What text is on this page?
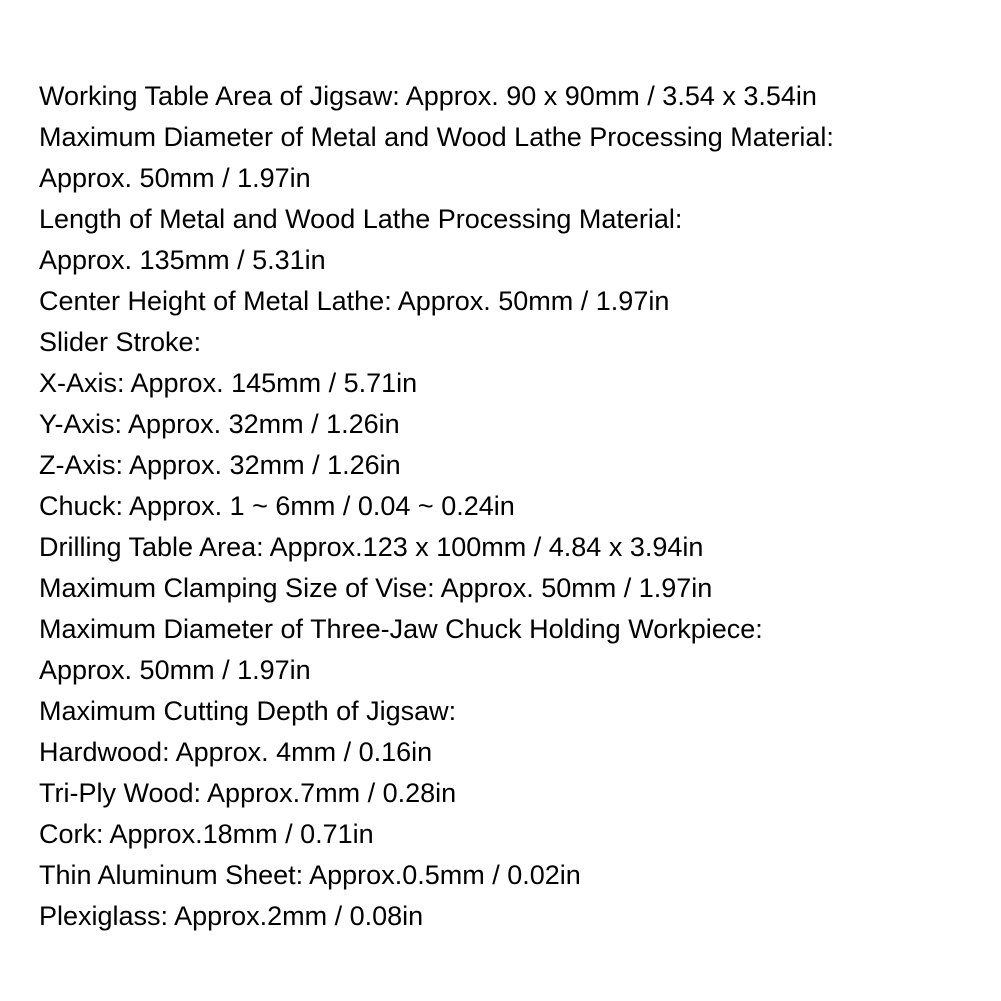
Working Table Area of Jigsaw: Approx. 90 x 90mm / 3.54 x 3.54in
Maximum Diameter of Metal and Wood Lathe Processing Material:
Approx. 50mm / 1.97in
Length of Metal and Wood Lathe Processing Material:
Approx. 135mm / 5.31in
Center Height of Metal Lathe: Approx. 50mm / 1.97in
Slider Stroke:
X-Axis: Approx. 145mm / 5.71in
Y-Axis: Approx. 32mm / 1.26in
Z-Axis: Approx. 32mm / 1.26in
Chuck: Approx. 1 ~ 6mm / 0.04 ~ 0.24in
Drilling Table Area: Approx.123 x 100mm / 4.84 x 3.94in
Maximum Clamping Size of Vise: Approx. 50mm / 1.97in
Maximum Diameter of Three-Jaw Chuck Holding Workpiece:
Approx. 50mm / 1.97in
Maximum Cutting Depth of Jigsaw:
Hardwood: Approx. 4mm / 0.16in
Tri-Ply Wood: Approx.7mm / 0.28in
Cork: Approx.18mm / 0.71in
Thin Aluminum Sheet: Approx.0.5mm / 0.02in
Plexiglass: Approx.2mm / 0.08in
